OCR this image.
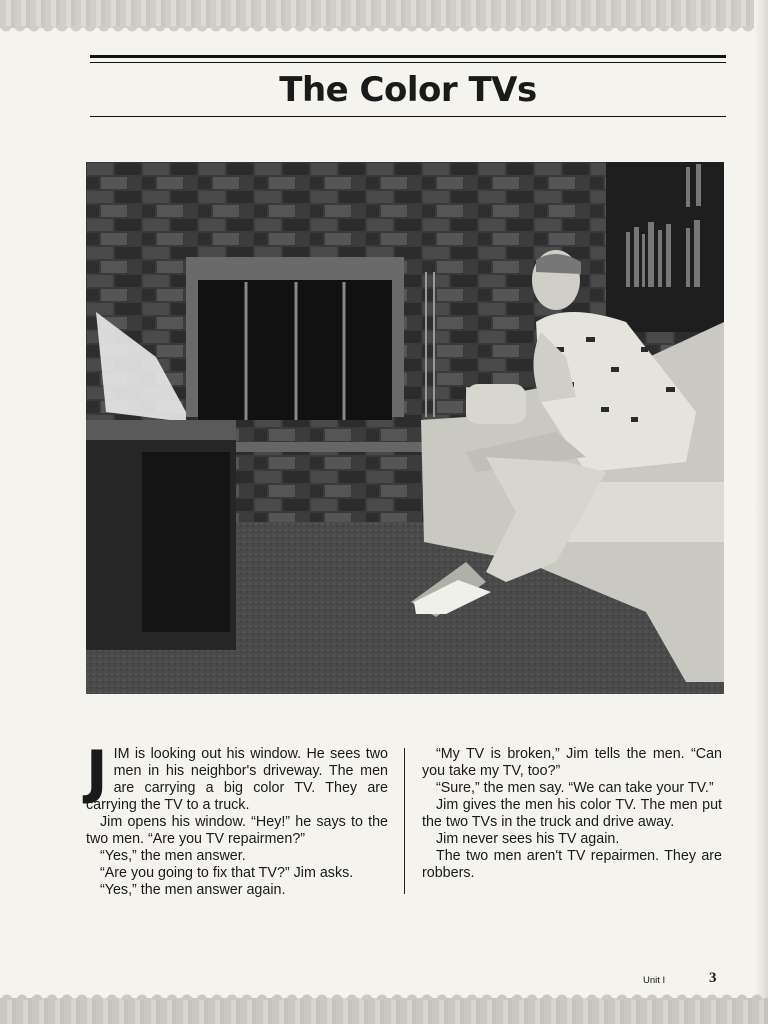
The Color TVs

JIM is looking out his window. He sees two men in his neighbor's driveway. The men are carrying a big color TV. They are carrying the TV to a truck.

Jim opens his window. “Hey!” he says to the two men. “Are you TV repairmen?”

“Yes,” the men answer.

“Are you going to fix that TV?” Jim asks.

“Yes,” the men answer again.

“My TV is broken,” Jim tells the men. “Can you take my TV, too?”

“Sure,” the men say. “We can take your TV.”

Jim gives the men his color TV. The men put the two TVs in the truck and drive away.

Jim never sees his TV again.

The two men aren't TV repairmen. They are robbers.

Unit I	3
